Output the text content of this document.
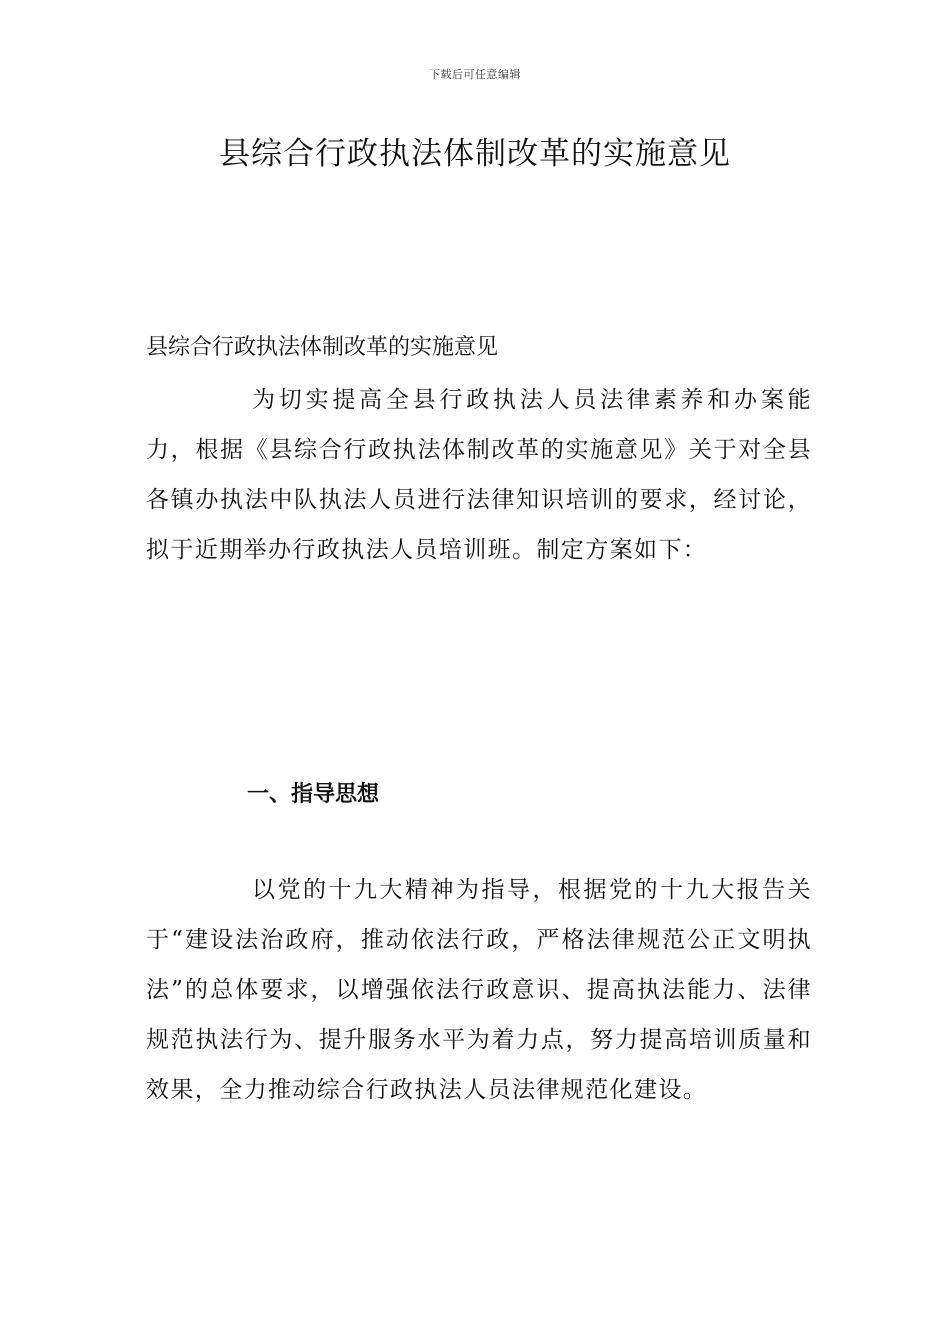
下载后可任意编辑
县综合行政执法体制改革的实施意见

县综合行政执法体制改革的实施意见

为切实提高全县行政执法人员法律素养和办案能力，根据《县综合行政执法体制改革的实施意见》关于对全县各镇办执法中队执法人员进行法律知识培训的要求，经讨论，拟于近期举办行政执法人员培训班。制定方案如下：

一、指导思想

以党的十九大精神为指导，根据党的十九大报告关于“建设法治政府，推动依法行政，严格法律规范公正文明执法”的总体要求，以增强依法行政意识、提高执法能力、法律规范执法行为、提升服务水平为着力点，努力提高培训质量和效果，全力推动综合行政执法人员法律规范化建设。
